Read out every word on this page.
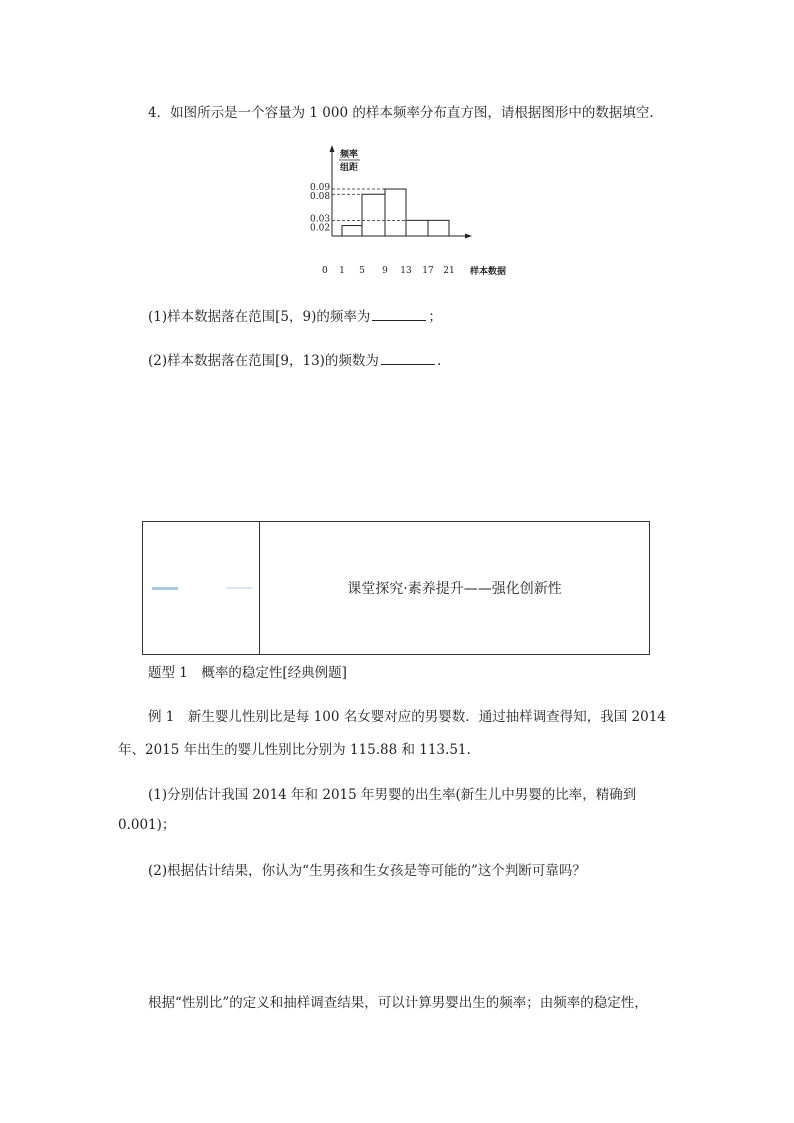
4．如图所示是一个容量为 1 000 的样本频率分布直方图，请根据图形中的数据填空．
频率
组距
0.09
0.08
0.03
0.02
0 1 5 9 13 17 21 样本数据
(1)样本数据落在范围[5，9)的频率为	；
(2)样本数据落在范围[9，13)的频数为	.
课堂探究·素养提升——强化创新性
题型 1　概率的稳定性[经典例题]
例 1　新生婴儿性别比是每 100 名女婴对应的男婴数．通过抽样调查得知，我国 2014
年、2015 年出生的婴儿性别比分别为 115.88 和 113.51.
(1)分别估计我国 2014 年和 2015 年男婴的出生率(新生儿中男婴的比率，精确到
0.001)；
(2)根据估计结果，你认为“生男孩和生女孩是等可能的”这个判断可靠吗？
根据“性别比”的定义和抽样调查结果，可以计算男婴出生的频率；由频率的稳定性，
